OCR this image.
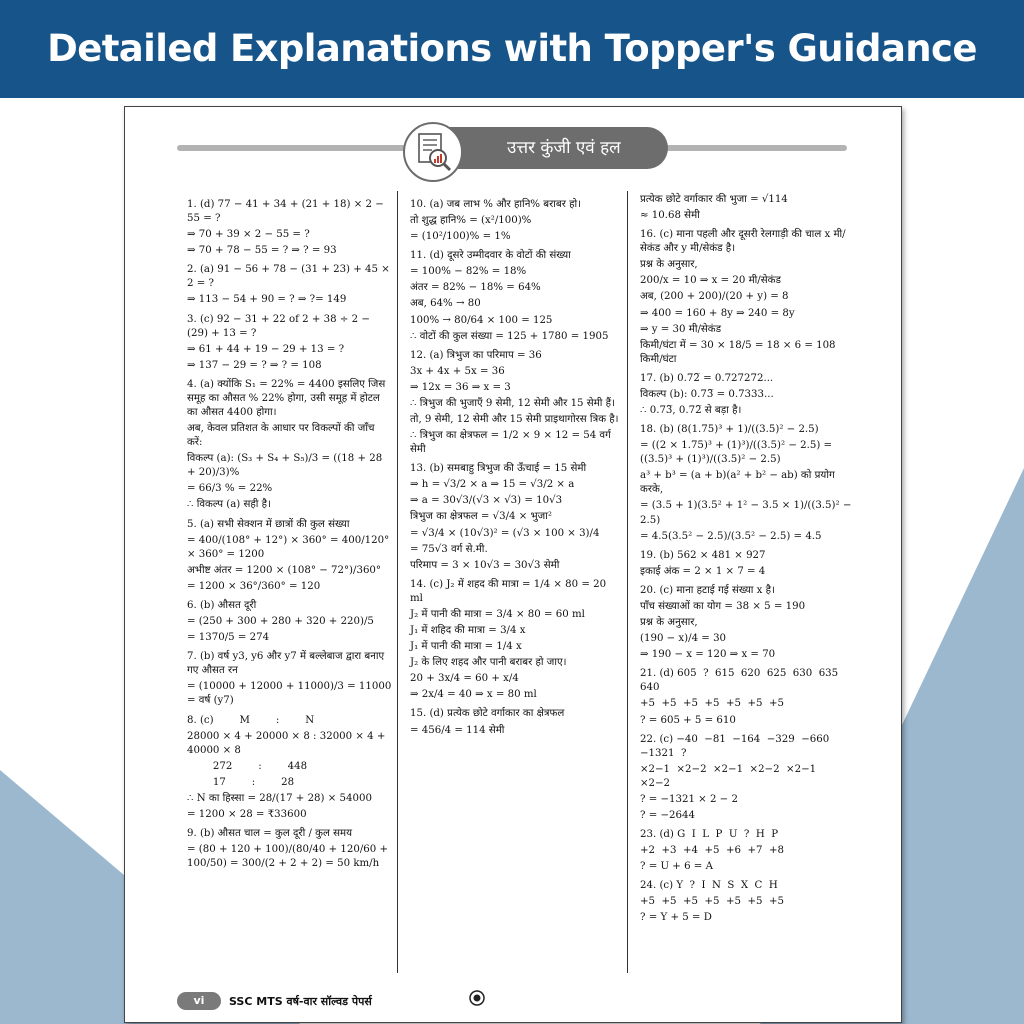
Detailed Explanations with Topper's Guidance
उत्तर कुंजी एवं हल

1. (d) 77 − 41 + 34 + (21 + 18) × 2 − 55 = ?

⇒ 70 + 39 × 2 − 55 = ?

⇒ 70 + 78 − 55 = ? ⇒ ? = 93

2. (a) 91 − 56 + 78 − (31 + 23) + 45 × 2 = ?

⇒ 113 − 54 + 90 = ? ⇒ ?= 149

3. (c) 92 − 31 + 22 of 2 + 38 ÷ 2 − (29) + 13 = ?

⇒ 61 + 44 + 19 − 29 + 13 = ?

⇒ 137 − 29 = ? ⇒ ? = 108

4. (a) क्योंकि S₁ = 22% = 4400 इसलिए जिस समूह का औसत % 22% होगा, उसी समूह में होटल का औसत 4400 होगा।

अब, केवल प्रतिशत के आधार पर विकल्पों की जाँच करें:

विकल्प (a): (S₃ + S₄ + S₅)/3 = ((18 + 28 + 20)/3)%

= 66/3 % = 22%

∴ विकल्प (a) सही है।

5. (a) सभी सेक्शन में छात्रों की कुल संख्या

= 400/(108° + 12°) × 360° = 400/120° × 360° = 1200

अभीष्ट अंतर = 1200 × (108° − 72°)/360°

= 1200 × 36°/360° = 120

6. (b) औसत दूरी

= (250 + 300 + 280 + 320 + 220)/5

= 1370/5 = 274

7. (b) वर्ष y3, y6 और y7 में बल्लेबाज द्वारा बनाए गए औसत रन

= (10000 + 12000 + 11000)/3 = 11000 = वर्ष (y7)

8. (c)        M        :        N

28000 × 4 + 20000 × 8 : 32000 × 4 + 40000 × 8

272        :        448

17        :        28

∴ N का हिस्सा = 28/(17 + 28) × 54000

= 1200 × 28 = ₹33600

9. (b) औसत चाल = कुल दूरी / कुल समय

= (80 + 120 + 100)/(80/40 + 120/60 + 100/50) = 300/(2 + 2 + 2) = 50 km/h

10. (a) जब लाभ % और हानि% बराबर हो।

तो शुद्ध हानि% = (x²/100)%

= (10²/100)% = 1%

11. (d) दूसरे उम्मीदवार के वोटों की संख्या

= 100% − 82% = 18%

अंतर = 82% − 18% = 64%

अब, 64% → 80

100% → 80/64 × 100 = 125

∴ वोटों की कुल संख्या = 125 + 1780 = 1905

12. (a) त्रिभुज का परिमाप = 36

3x + 4x + 5x = 36

⇒ 12x = 36 ⇒ x = 3

∴ त्रिभुज की भुजाएँ 9 सेमी, 12 सेमी और 15 सेमी हैं।

तो, 9 सेमी, 12 सेमी और 15 सेमी प्राइथागोरस त्रिक है।

∴ त्रिभुज का क्षेत्रफल = 1/2 × 9 × 12 = 54 वर्ग सेमी

13. (b) समबाहु त्रिभुज की ऊँचाई = 15 सेमी

⇒ h = √3/2 × a ⇒ 15 = √3/2 × a

⇒ a = 30√3/(√3 × √3) = 10√3

त्रिभुज का क्षेत्रफल = √3/4 × भुजा²

= √3/4 × (10√3)² = (√3 × 100 × 3)/4

= 75√3 वर्ग से.मी.

परिमाप = 3 × 10√3 = 30√3 सेमी

14. (c) J₂ में शहद की मात्रा = 1/4 × 80 = 20 ml

J₂ में पानी की मात्रा = 3/4 × 80 = 60 ml

J₁ में शहिद की मात्रा = 3/4 x

J₁ में पानी की मात्रा = 1/4 x

J₂ के लिए शहद और पानी बराबर हो जाए।

20 + 3x/4 = 60 + x/4

⇒ 2x/4 = 40 ⇒ x = 80 ml

15. (d) प्रत्येक छोटे वर्गाकार का क्षेत्रफल

= 456/4 = 114 सेमी

प्रत्येक छोटे वर्गाकार की भुजा = √114

≈ 10.68 सेमी

16. (c) माना पहली और दूसरी रेलगाड़ी की चाल x मी/सेकंड और y मी/सेकंड है।

प्रश्न के अनुसार,

200/x = 10 ⇒ x = 20 मी/सेकंड

अब, (200 + 200)/(20 + y) = 8

⇒ 400 = 160 + 8y ⇒ 240 = 8y

⇒ y = 30 मी/सेकंड

किमी/घंटा में = 30 × 18/5 = 18 × 6 = 108 किमी/घंटा

17. (b) 0.72̅ = 0.727272...

विकल्प (b): 0.73̅ = 0.7333...

∴ 0.73̅, 0.72̅ से बड़ा है।

18. (b) (8(1.75)³ + 1)/((3.5)² − 2.5)

= ((2 × 1.75)³ + (1)³)/((3.5)² − 2.5) = ((3.5)³ + (1)³)/((3.5)² − 2.5)

a³ + b³ = (a + b)(a² + b² − ab) को प्रयोग करके,

= (3.5 + 1)(3.5² + 1² − 3.5 × 1)/((3.5)² − 2.5)

= 4.5(3.5² − 2.5)/(3.5² − 2.5) = 4.5

19. (b) 562 × 481 × 927

इकाई अंक = 2 × 1 × 7 = 4

20. (c) माना हटाई गई संख्या x है।

पाँच संख्याओं का योग = 38 × 5 = 190

प्रश्न के अनुसार,

(190 − x)/4 = 30

⇒ 190 − x = 120 ⇒ x = 70

21. (d) 605  ?  615  620  625  630  635  640

+5  +5  +5  +5  +5  +5  +5

? = 605 + 5 = 610

22. (c) −40  −81  −164  −329  −660  −1321  ?

×2−1  ×2−2  ×2−1  ×2−2  ×2−1  ×2−2

? = −1321 × 2 − 2

? = −2644

23. (d) G  I  L  P  U  ?  H  P

+2  +3  +4  +5  +6  +7  +8

? = U + 6 = A

24. (c) Y  ?  I  N  S  X  C  H

+5  +5  +5  +5  +5  +5  +5

? = Y + 5 = D

vi	SSC MTS वर्ष-वार सॉल्वड पेपर्स
